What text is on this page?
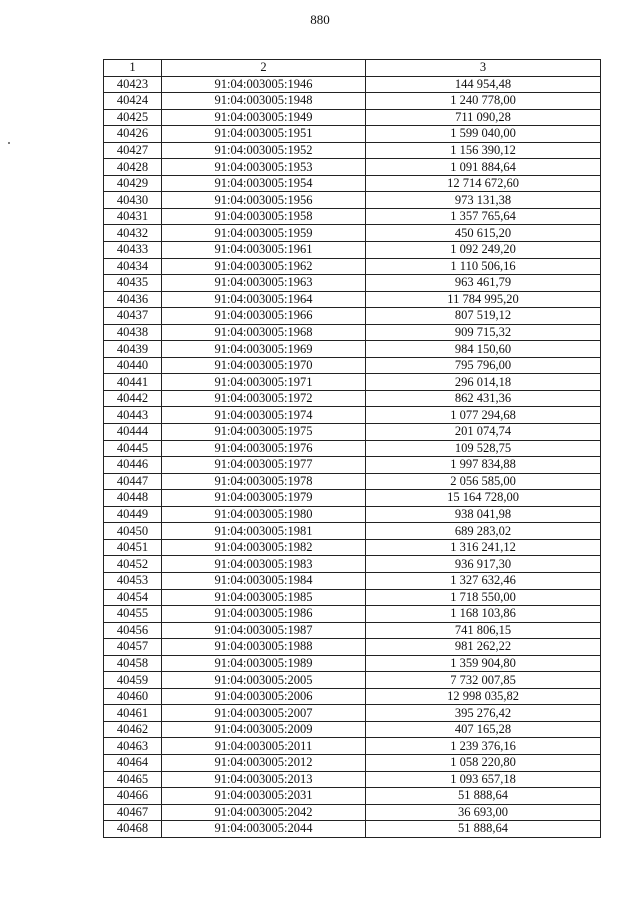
880
1	2	3
40423	91:04:003005:1946	144 954,48
40424	91:04:003005:1948	1 240 778,00
40425	91:04:003005:1949	711 090,28
40426	91:04:003005:1951	1 599 040,00
40427	91:04:003005:1952	1 156 390,12
40428	91:04:003005:1953	1 091 884,64
40429	91:04:003005:1954	12 714 672,60
40430	91:04:003005:1956	973 131,38
40431	91:04:003005:1958	1 357 765,64
40432	91:04:003005:1959	450 615,20
40433	91:04:003005:1961	1 092 249,20
40434	91:04:003005:1962	1 110 506,16
40435	91:04:003005:1963	963 461,79
40436	91:04:003005:1964	11 784 995,20
40437	91:04:003005:1966	807 519,12
40438	91:04:003005:1968	909 715,32
40439	91:04:003005:1969	984 150,60
40440	91:04:003005:1970	795 796,00
40441	91:04:003005:1971	296 014,18
40442	91:04:003005:1972	862 431,36
40443	91:04:003005:1974	1 077 294,68
40444	91:04:003005:1975	201 074,74
40445	91:04:003005:1976	109 528,75
40446	91:04:003005:1977	1 997 834,88
40447	91:04:003005:1978	2 056 585,00
40448	91:04:003005:1979	15 164 728,00
40449	91:04:003005:1980	938 041,98
40450	91:04:003005:1981	689 283,02
40451	91:04:003005:1982	1 316 241,12
40452	91:04:003005:1983	936 917,30
40453	91:04:003005:1984	1 327 632,46
40454	91:04:003005:1985	1 718 550,00
40455	91:04:003005:1986	1 168 103,86
40456	91:04:003005:1987	741 806,15
40457	91:04:003005:1988	981 262,22
40458	91:04:003005:1989	1 359 904,80
40459	91:04:003005:2005	7 732 007,85
40460	91:04:003005:2006	12 998 035,82
40461	91:04:003005:2007	395 276,42
40462	91:04:003005:2009	407 165,28
40463	91:04:003005:2011	1 239 376,16
40464	91:04:003005:2012	1 058 220,80
40465	91:04:003005:2013	1 093 657,18
40466	91:04:003005:2031	51 888,64
40467	91:04:003005:2042	36 693,00
40468	91:04:003005:2044	51 888,64
